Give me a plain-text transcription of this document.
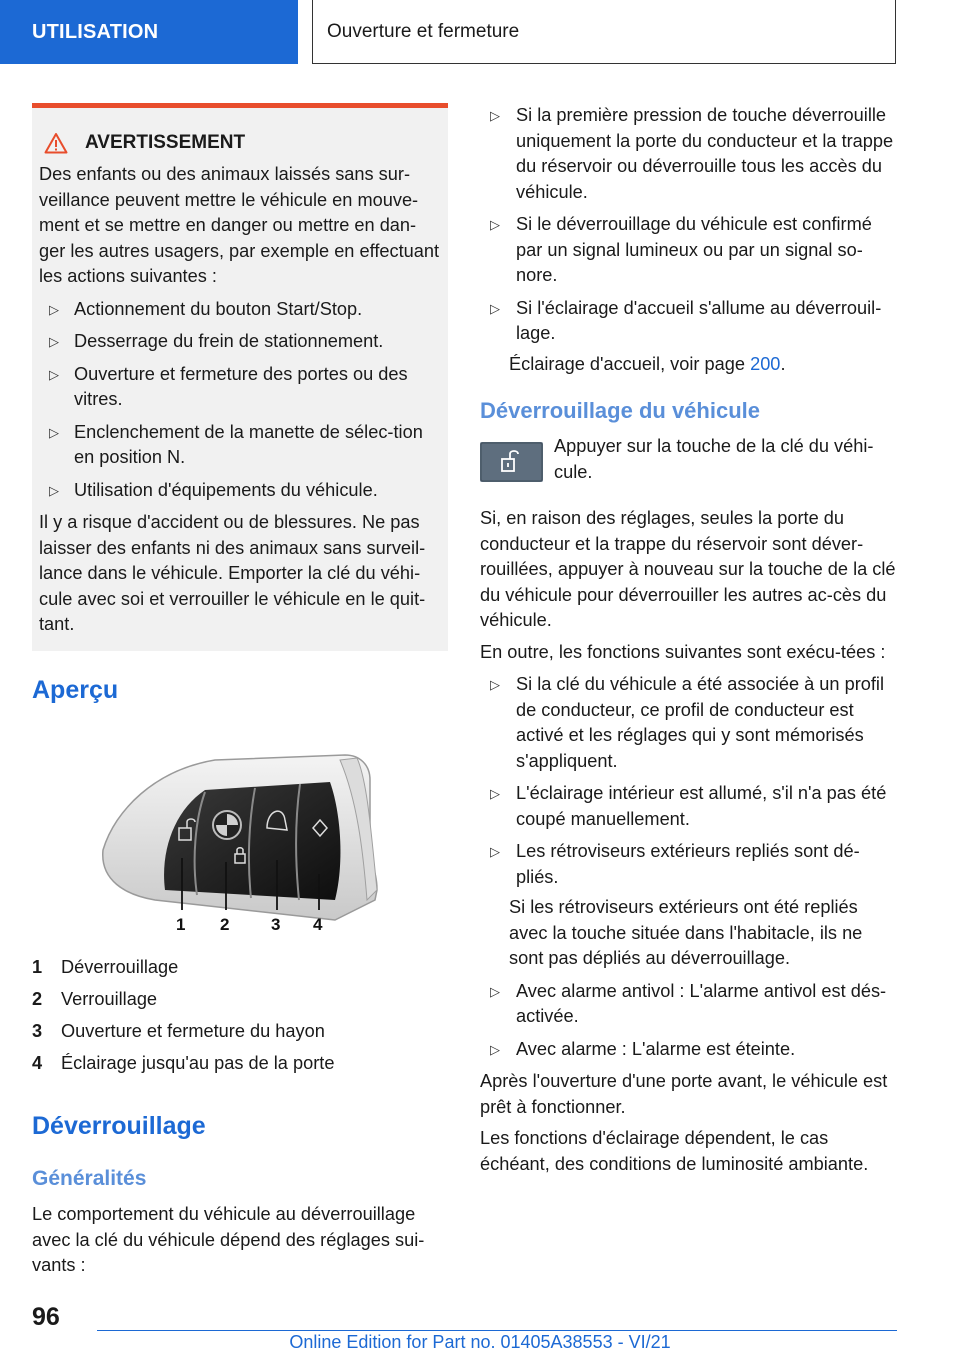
UTILISATION	Ouverture et fermeture
AVERTISSEMENT

Des enfants ou des animaux laissés sans sur-veillance peuvent mettre le véhicule en mouve-ment et se mettre en danger ou mettre en dan-ger les autres usagers, par exemple en effectuant les actions suivantes :

▷ Actionnement du bouton Start/Stop.
▷ Desserrage du frein de stationnement.
▷ Ouverture et fermeture des portes ou des vitres.
▷ Enclenchement de la manette de sélec-tion en position N.
▷ Utilisation d'équipements du véhicule.

Il y a risque d'accident ou de blessures. Ne pas laisser des enfants ni des animaux sans surveil-lance dans le véhicule. Emporter la clé du véhi-cule avec soi et verrouiller le véhicule en le quit-tant.

Aperçu
1 2 3 4
1	Déverrouillage
2	Verrouillage
3	Ouverture et fermeture du hayon
4	Éclairage jusqu'au pas de la porte
Déverrouillage
Généralités

Le comportement du véhicule au déverrouillage avec la clé du véhicule dépend des réglages sui-vants :

▷ Si la première pression de touche déverrouille uniquement la porte du conducteur et la trappe du réservoir ou déverrouille tous les accès du véhicule.
▷ Si le déverrouillage du véhicule est confirmé par un signal lumineux ou par un signal so-nore.
▷ Si l'éclairage d'accueil s'allume au déverrouil-lage.

Éclairage d'accueil, voir page 200.

Déverrouillage du véhicule

Appuyer sur la touche de la clé du véhi-cule.

Si, en raison des réglages, seules la porte du conducteur et la trappe du réservoir sont déver-rouillées, appuyer à nouveau sur la touche de la clé du véhicule pour déverrouiller les autres ac-cès du véhicule.

En outre, les fonctions suivantes sont exécu-tées :

▷ Si la clé du véhicule a été associée à un profil de conducteur, ce profil de conducteur est activé et les réglages qui y sont mémorisés s'appliquent.
▷ L'éclairage intérieur est allumé, s'il n'a pas été coupé manuellement.
▷ Les rétroviseurs extérieurs repliés sont dé-pliés.

Si les rétroviseurs extérieurs ont été repliés avec la touche située dans l'habitacle, ils ne sont pas dépliés au déverrouillage.

▷ Avec alarme antivol : L'alarme antivol est dés-activée.
▷ Avec alarme : L'alarme est éteinte.

Après l'ouverture d'une porte avant, le véhicule est prêt à fonctionner.

Les fonctions d'éclairage dépendent, le cas échéant, des conditions de luminosité ambiante.

96
Online Edition for Part no. 01405A38553 - VI/21
